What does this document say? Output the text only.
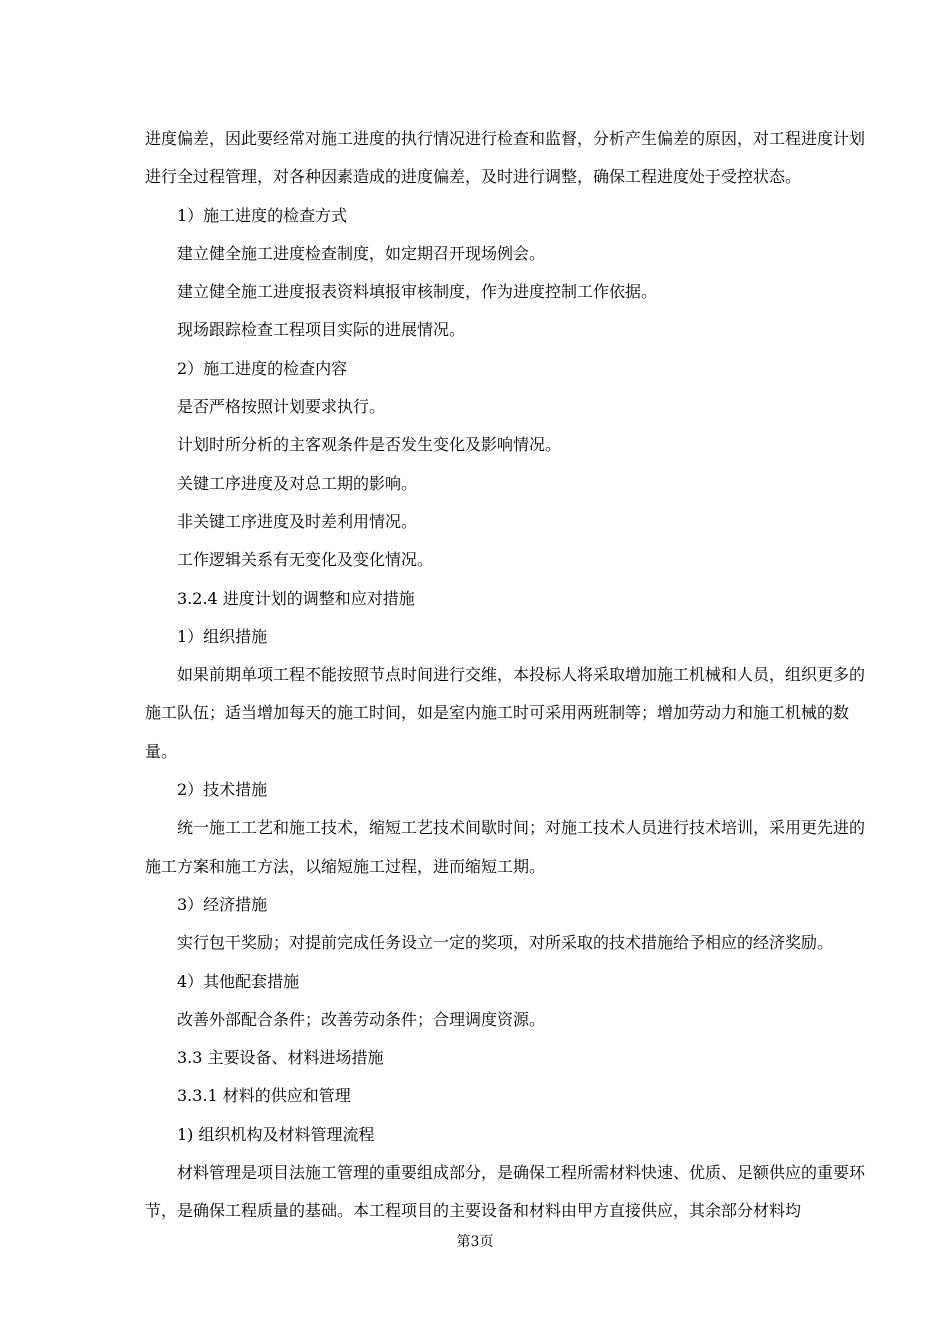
进度偏差，因此要经常对施工进度的执行情况进行检查和监督，分析产生偏差的原因，对工程进度计划进行全过程管理，对各种因素造成的进度偏差，及时进行调整，确保工程进度处于受控状态。

1）施工进度的检查方式

建立健全施工进度检查制度，如定期召开现场例会。

建立健全施工进度报表资料填报审核制度，作为进度控制工作依据。

现场跟踪检查工程项目实际的进展情况。

2）施工进度的检查内容

是否严格按照计划要求执行。

计划时所分析的主客观条件是否发生变化及影响情况。

关键工序进度及对总工期的影响。

非关键工序进度及时差利用情况。

工作逻辑关系有无变化及变化情况。

3.2.4 进度计划的调整和应对措施

1）组织措施

如果前期单项工程不能按照节点时间进行交维，本投标人将采取增加施工机械和人员，组织更多的施工队伍；适当增加每天的施工时间，如是室内施工时可采用两班制等；增加劳动力和施工机械的数量。

2）技术措施

统一施工工艺和施工技术，缩短工艺技术间歇时间；对施工技术人员进行技术培训，采用更先进的施工方案和施工方法，以缩短施工过程，进而缩短工期。

3）经济措施

实行包干奖励；对提前完成任务设立一定的奖项，对所采取的技术措施给予相应的经济奖励。

4）其他配套措施

改善外部配合条件；改善劳动条件；合理调度资源。

3.3 主要设备、材料进场措施

3.3.1 材料的供应和管理

1) 组织机构及材料管理流程

材料管理是项目法施工管理的重要组成部分，是确保工程所需材料快速、优质、足额供应的重要环节，是确保工程质量的基础。本工程项目的主要设备和材料由甲方直接供应，其余部分材料均

第3页
